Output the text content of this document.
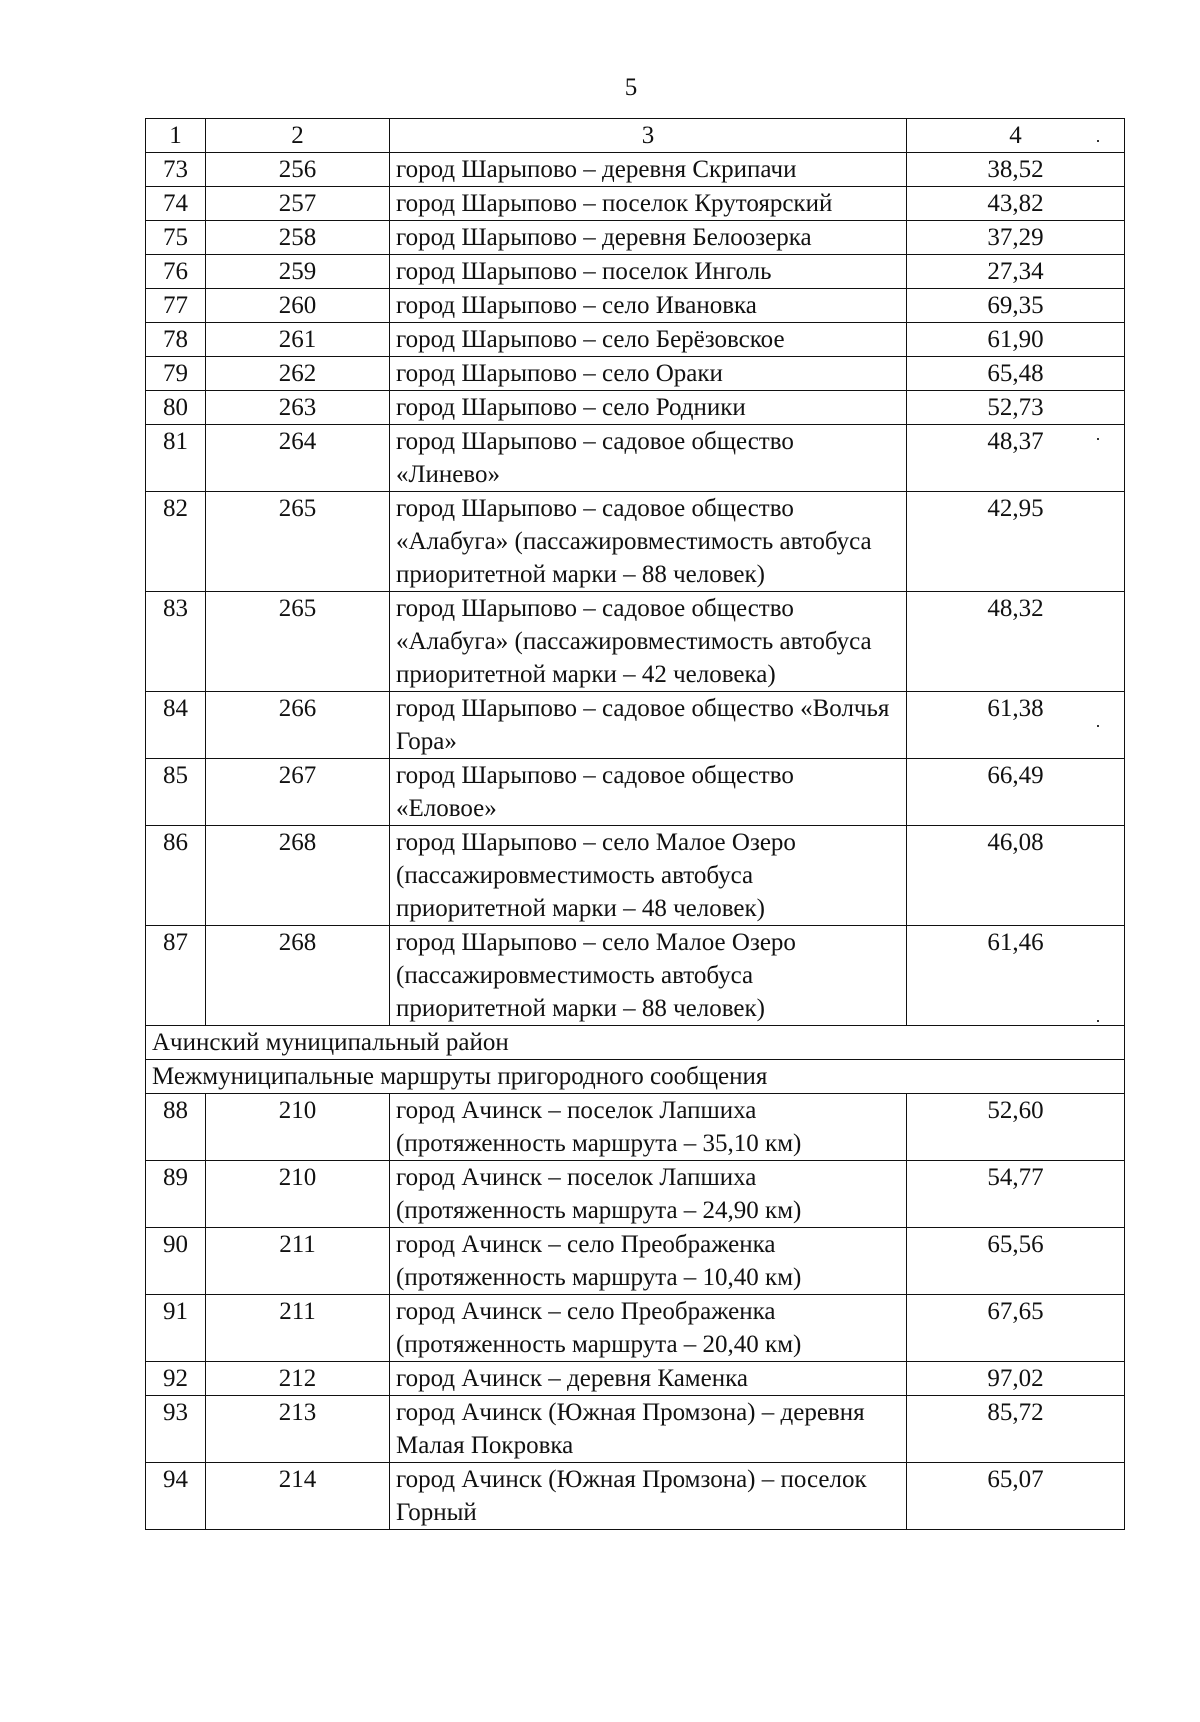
5
1	2	3	4
73	256	город Шарыпово – деревня Скрипачи	38,52
74	257	город Шарыпово – поселок Крутоярский	43,82
75	258	город Шарыпово – деревня Белоозерка	37,29
76	259	город Шарыпово – поселок Инголь	27,34
77	260	город Шарыпово – село Ивановка	69,35
78	261	город Шарыпово – село Берёзовское	61,90
79	262	город Шарыпово – село Ораки	65,48
80	263	город Шарыпово – село Родники	52,73
81	264	город Шарыпово – садовое общество «Линево»	48,37
82	265	город Шарыпово – садовое общество «Алабуга» (пассажировместимость автобуса приоритетной марки – 88 человек)	42,95
83	265	город Шарыпово – садовое общество «Алабуга» (пассажировместимость автобуса приоритетной марки – 42 человека)	48,32
84	266	город Шарыпово – садовое общество «Волчья Гора»	61,38
85	267	город Шарыпово – садовое общество «Еловое»	66,49
86	268	город Шарыпово – село Малое Озеро (пассажировместимость автобуса приоритетной марки – 48 человек)	46,08
87	268	город Шарыпово – село Малое Озеро (пассажировместимость автобуса приоритетной марки – 88 человек)	61,46
Ачинский муниципальный район			
Межмуниципальные маршруты пригородного сообщения			
88	210	город Ачинск – поселок Лапшиха (протяженность маршрута – 35,10 км)	52,60
89	210	город Ачинск – поселок Лапшиха (протяженность маршрута – 24,90 км)	54,77
90	211	город Ачинск – село Преображенка (протяженность маршрута – 10,40 км)	65,56
91	211	город Ачинск – село Преображенка (протяженность маршрута – 20,40 км)	67,65
92	212	город Ачинск – деревня Каменка	97,02
93	213	город Ачинск (Южная Промзона) – деревня Малая Покровка	85,72
94	214	город Ачинск (Южная Промзона) – поселок Горный	65,07
